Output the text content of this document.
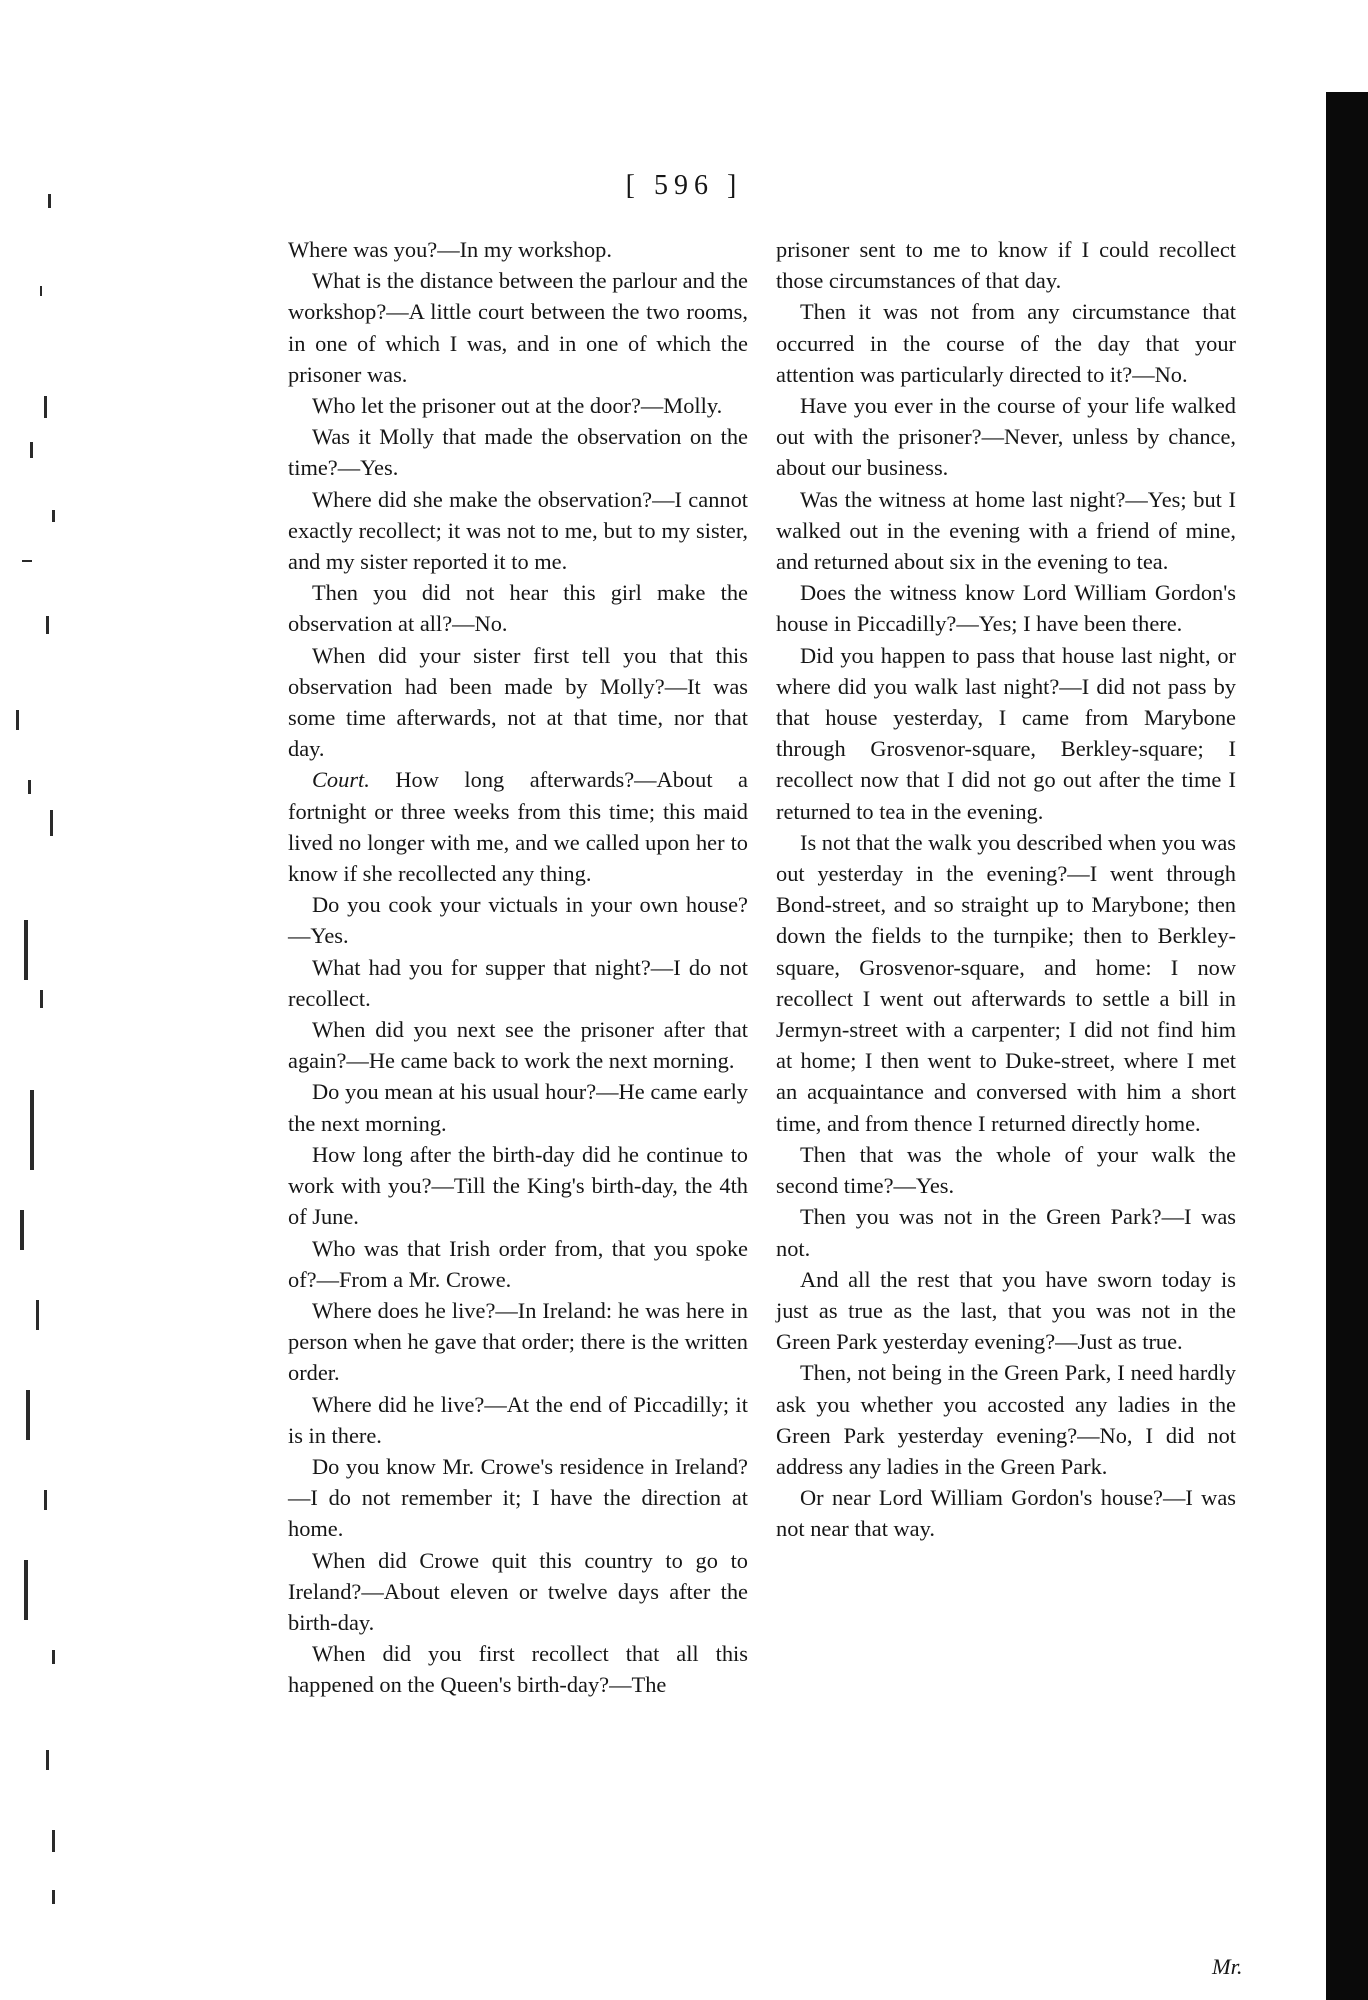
[ 596 ]

Where was you?—In my workshop.

What is the distance between the parlour and the workshop?—A little court between the two rooms, in one of which I was, and in one of which the prisoner was.

Who let the prisoner out at the door?—Molly.

Was it Molly that made the observation on the time?—Yes.

Where did she make the observation?—I cannot exactly recollect; it was not to me, but to my sister, and my sister reported it to me.

Then you did not hear this girl make the observation at all?—No.

When did your sister first tell you that this observation had been made by Molly?—It was some time afterwards, not at that time, nor that day.

Court. How long afterwards?—About a fortnight or three weeks from this time; this maid lived no longer with me, and we called upon her to know if she recollected any thing.

Do you cook your victuals in your own house?—Yes.

What had you for supper that night?—I do not recollect.

When did you next see the prisoner after that again?—He came back to work the next morning.

Do you mean at his usual hour?—He came early the next morning.

How long after the birth-day did he continue to work with you?—Till the King's birth-day, the 4th of June.

Who was that Irish order from, that you spoke of?—From a Mr. Crowe.

Where does he live?—In Ireland: he was here in person when he gave that order; there is the written order.

Where did he live?—At the end of Piccadilly; it is in there.

Do you know Mr. Crowe's residence in Ireland?—I do not remember it; I have the direction at home.

When did Crowe quit this country to go to Ireland?—About eleven or twelve days after the birth-day.

When did you first recollect that all this happened on the Queen's birth-day?—The

prisoner sent to me to know if I could recollect those circumstances of that day.

Then it was not from any circumstance that occurred in the course of the day that your attention was particularly directed to it?—No.

Have you ever in the course of your life walked out with the prisoner?—Never, unless by chance, about our business.

Was the witness at home last night?—Yes; but I walked out in the evening with a friend of mine, and returned about six in the evening to tea.

Does the witness know Lord William Gordon's house in Piccadilly?—Yes; I have been there.

Did you happen to pass that house last night, or where did you walk last night?—I did not pass by that house yesterday, I came from Marybone through Grosvenor-square, Berkley-square; I recollect now that I did not go out after the time I returned to tea in the evening.

Is not that the walk you described when you was out yesterday in the evening?—I went through Bond-street, and so straight up to Marybone; then down the fields to the turnpike; then to Berkley-square, Grosvenor-square, and home: I now recollect I went out afterwards to settle a bill in Jermyn-street with a carpenter; I did not find him at home; I then went to Duke-street, where I met an acquaintance and conversed with him a short time, and from thence I returned directly home.

Then that was the whole of your walk the second time?—Yes.

Then you was not in the Green Park?—I was not.

And all the rest that you have sworn today is just as true as the last, that you was not in the Green Park yesterday evening?—Just as true.

Then, not being in the Green Park, I need hardly ask you whether you accosted any ladies in the Green Park yesterday evening?—No, I did not address any ladies in the Green Park.

Or near Lord William Gordon's house?—I was not near that way.

Mr.
